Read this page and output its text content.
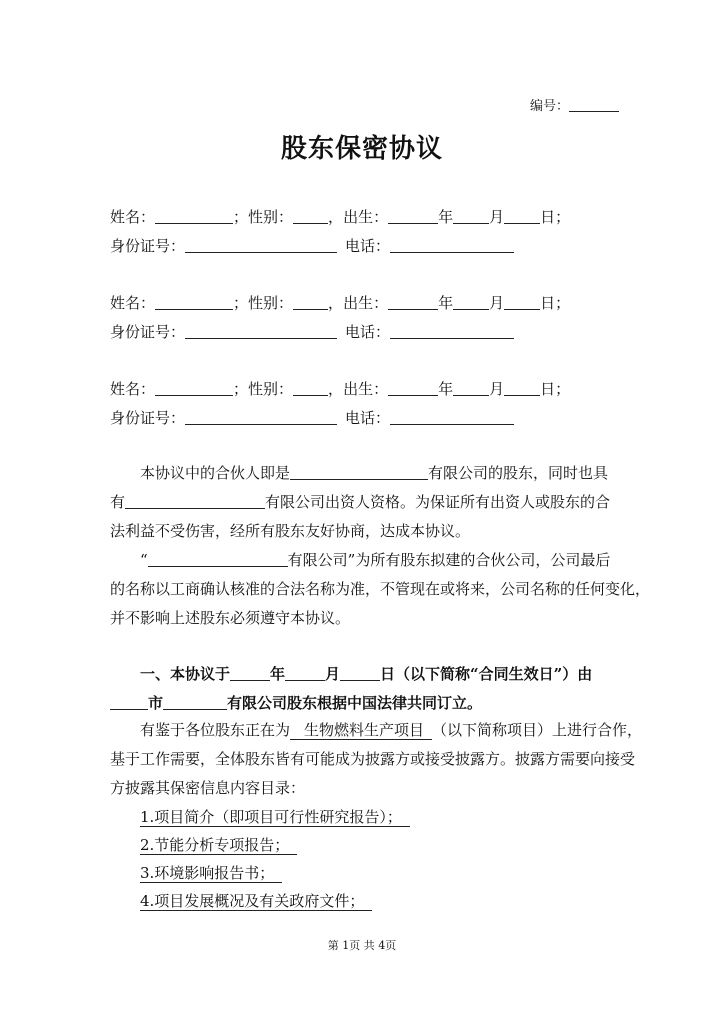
编号：
股东保密协议
姓名：	；性别： ，出生：	年 月 日；
身份证号：	电话：
姓名：	；性别： ，出生：	年 月 日；
身份证号：	电话：
姓名：	；性别： ，出生：	年 月 日；
身份证号：	电话：
本协议中的合伙人即是	有限公司的股东，同时也具
有	有限公司出资人资格。为保证所有出资人或股东的合
法利益不受伤害，经所有股东友好协商，达成本协议。
“	有限公司”为所有股东拟建的合伙公司，公司最后
的名称以工商确认核准的合法名称为准，不管现在或将来，公司名称的任何变化，
并不影响上述股东必须遵守本协议。
一、本协议于	年	月	日（以下简称“合同生效日”）由
市	有限公司股东根据中国法律共同订立。
有鉴于各位股东正在为 生物燃料生产项目 （以下简称项目）上进行合作，
基于工作需要，全体股东皆有可能成为披露方或接受披露方。披露方需要向接受
方披露其保密信息内容目录：
1.项目简介（即项目可行性研究报告）；
2.节能分析专项报告；
3.环境影响报告书；
4.项目发展概况及有关政府文件；
第 1页 共 4页
